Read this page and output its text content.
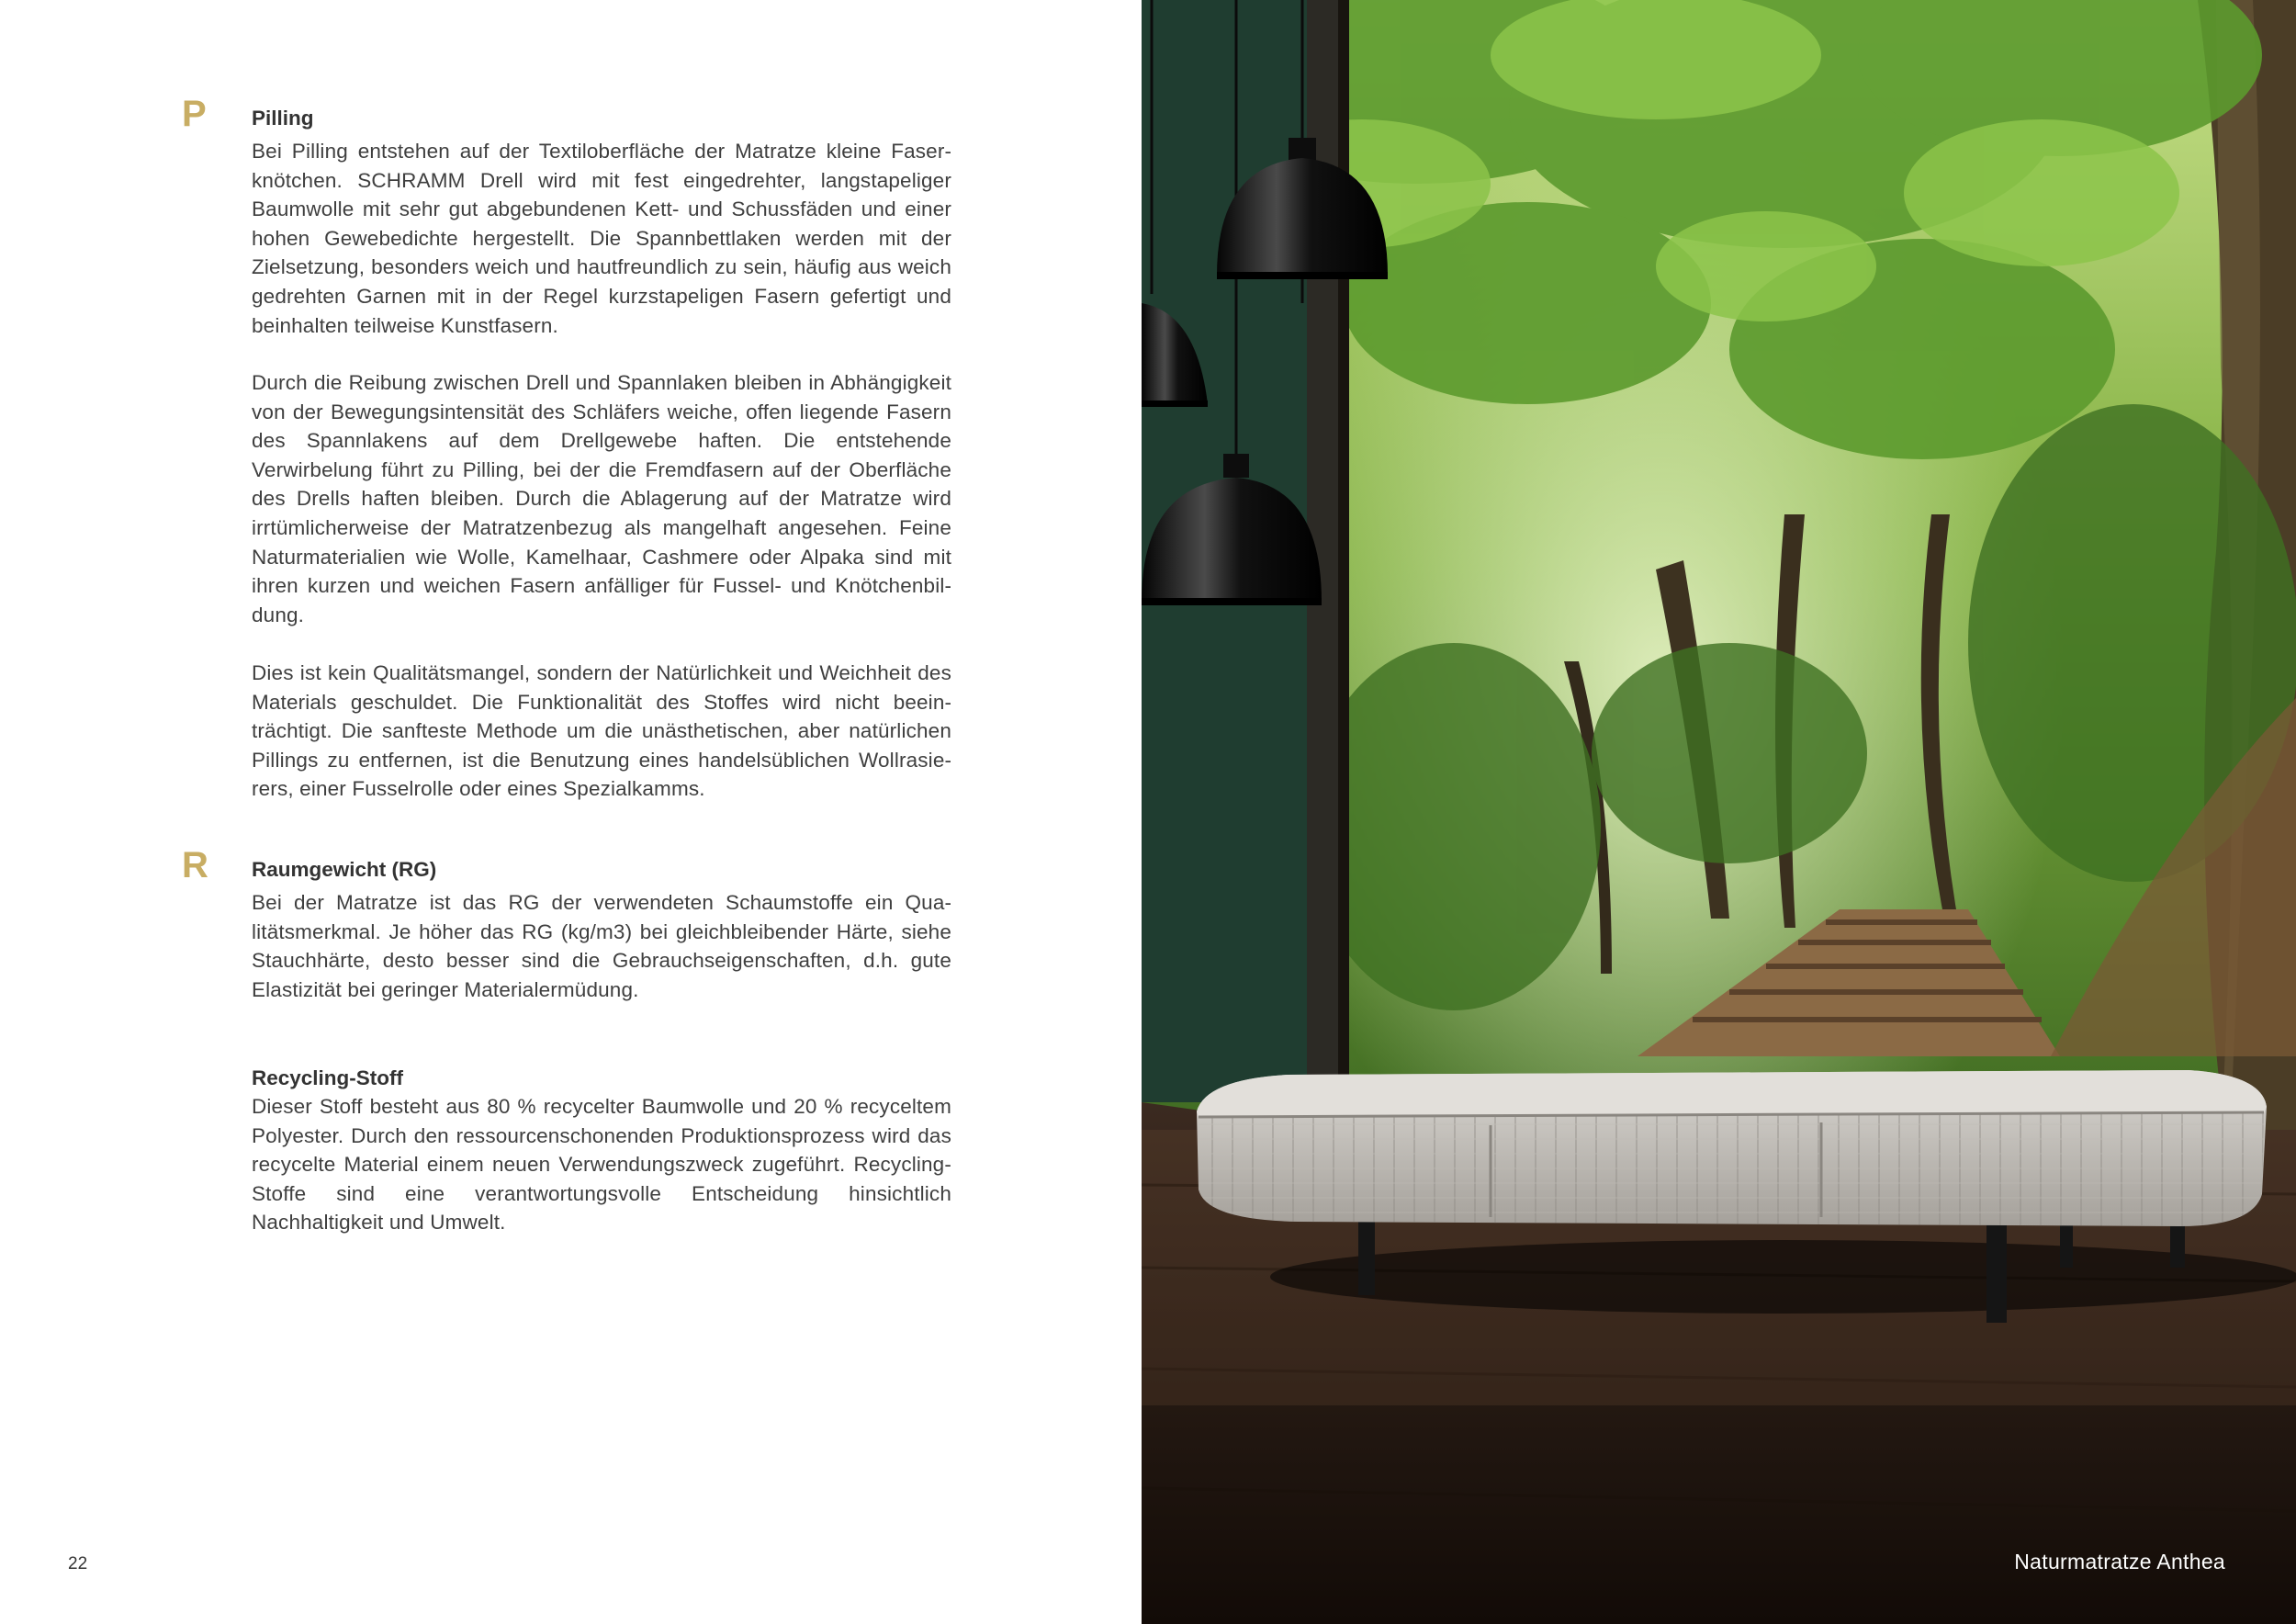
P Pilling

Bei Pilling entstehen auf der Textiloberfläche der Matratze kleine Faserknötchen. SCHRAMM Drell wird mit fest eingedrehter, langstapeliger Baumwolle mit sehr gut abgebundenen Kett- und Schussfäden und einer hohen Gewebedichte hergestellt. Die Spannbettlaken werden mit der Zielsetzung, besonders weich und hautfreundlich zu sein, häufig aus weich gedrehten Garnen mit in der Regel kurzstapeligen Fasern gefertigt und beinhalten teilweise Kunstfasern.

Durch die Reibung zwischen Drell und Spannlaken bleiben in Abhängigkeit von der Bewegungsintensität des Schläfers weiche, offen liegende Fasern des Spannlakens auf dem Drellgewebe haften. Die entstehende Verwirbelung führt zu Pilling, bei der die Fremdfasern auf der Oberfläche des Drells haften bleiben. Durch die Ablagerung auf der Matratze wird irrtümlicherweise der Matratzenbezug als mangelhaft angesehen. Feine Naturmaterialien wie Wolle, Kamelhaar, Cashmere oder Alpaka sind mit ihren kurzen und weichen Fasern anfälliger für Fussel- und Knötchenbildung.

Dies ist kein Qualitätsmangel, sondern der Natürlichkeit und Weichheit des Materials geschuldet. Die Funktionalität des Stoffes wird nicht beeinträchtigt. Die sanfteste Methode um die unästhetischen, aber natürlichen Pillings zu entfernen, ist die Benutzung eines handelsüblichen Wollrasierers, einer Fusselrolle oder eines Spezialkamms.

R Raumgewicht (RG)

Bei der Matratze ist das RG der verwendeten Schaumstoffe ein Qualitätsmerkmal. Je höher das RG (kg/m3) bei gleichbleibender Härte, siehe Stauchhärte, desto besser sind die Gebrauchseigenschaften, d.h. gute Elastizität bei geringer Materialermüdung.

Recycling-Stoff

Dieser Stoff besteht aus 80 % recycelter Baumwolle und 20 % recyceltem Polyester. Durch den ressourcenschonenden Produktionsprozess wird das recycelte Material einem neuen Verwendungszweck zugeführt. Recycling-Stoffe sind eine verantwortungsvolle Entscheidung hinsichtlich Nachhaltigkeit und Umwelt.

22	Naturmatratze Anthea
